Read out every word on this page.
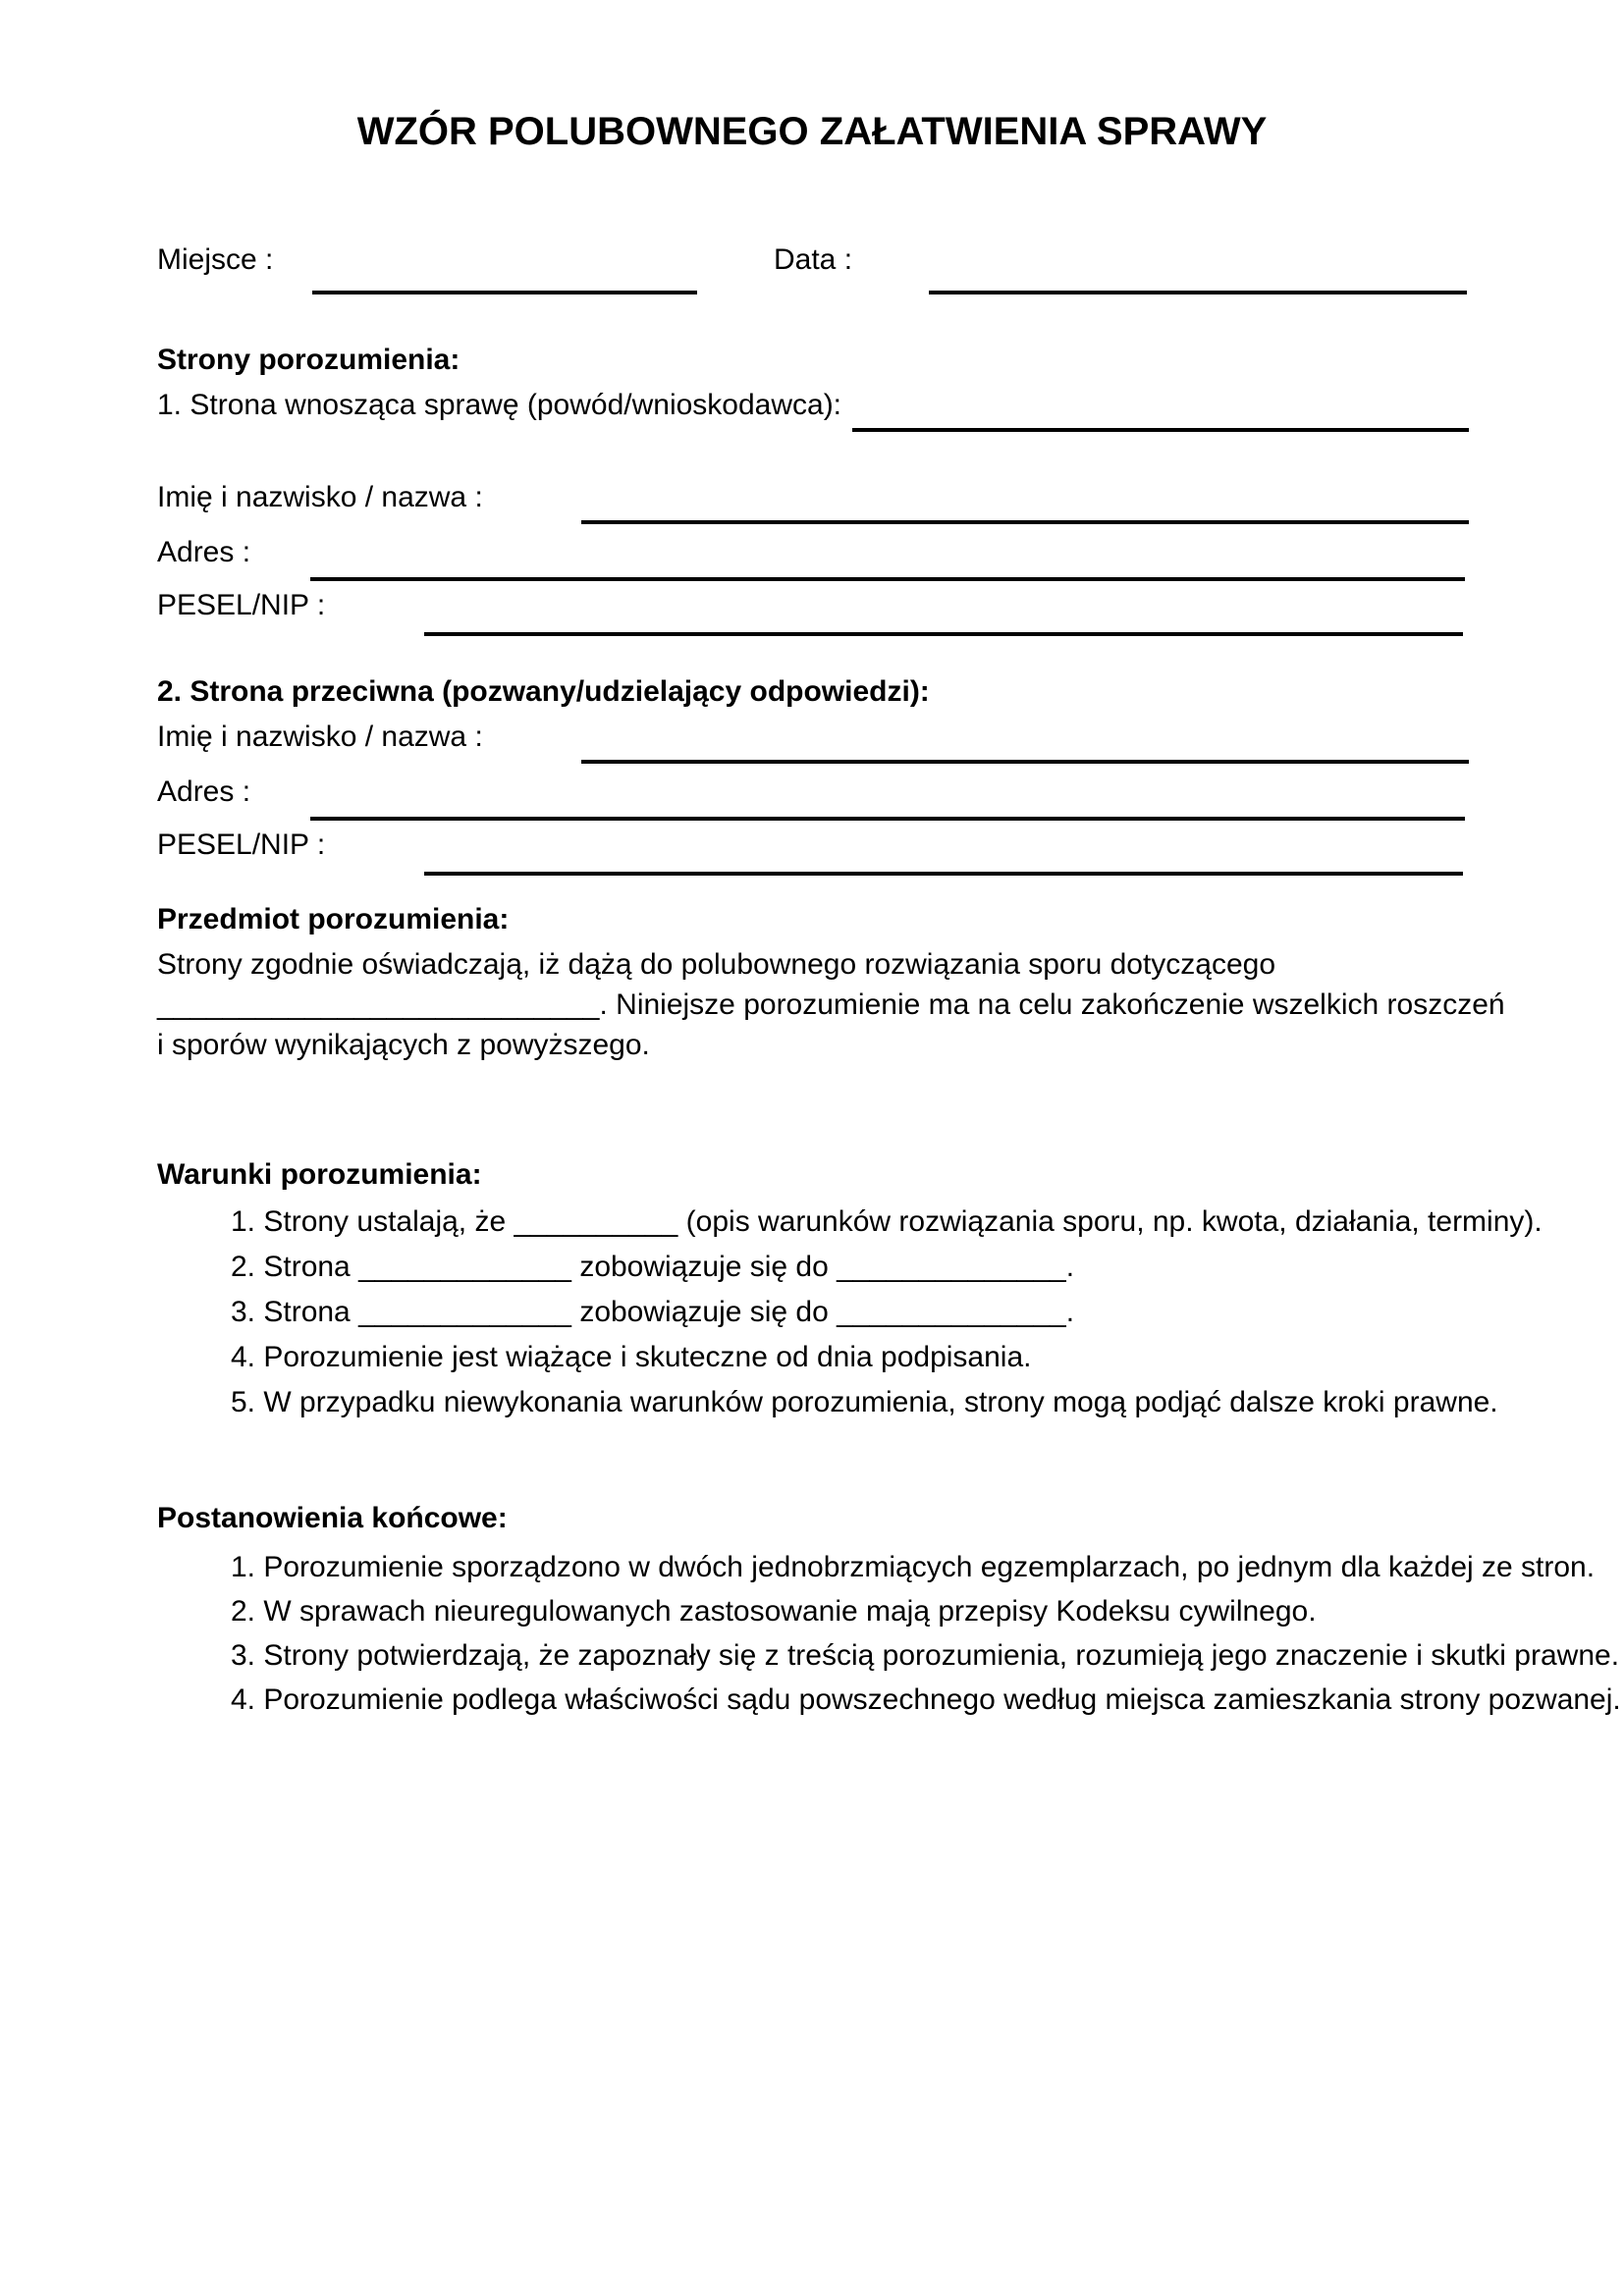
WZÓR POLUBOWNEGO ZAŁATWIENIA SPRAWY
Miejsce :	Data :
Strony porozumienia:
1. Strona wnosząca sprawę (powód/wnioskodawca):
Imię i nazwisko / nazwa :
Adres :
PESEL/NIP :
2. Strona przeciwna (pozwany/udzielający odpowiedzi):
Imię i nazwisko / nazwa :
Adres :
PESEL/NIP :
Przedmiot porozumienia:
Strony zgodnie oświadczają, iż dążą do polubownego rozwiązania sporu dotyczącego
___________________________. Niniejsze porozumienie ma na celu zakończenie wszelkich roszczeń
i sporów wynikających z powyższego.
Warunki porozumienia:
1. Strony ustalają, że __________ (opis warunków rozwiązania sporu, np. kwota, działania, terminy).
2. Strona _____________ zobowiązuje się do ______________.
3. Strona _____________ zobowiązuje się do ______________.
4. Porozumienie jest wiążące i skuteczne od dnia podpisania.
5. W przypadku niewykonania warunków porozumienia, strony mogą podjąć dalsze kroki prawne.
Postanowienia końcowe:
1. Porozumienie sporządzono w dwóch jednobrzmiących egzemplarzach, po jednym dla każdej ze stron.
2. W sprawach nieuregulowanych zastosowanie mają przepisy Kodeksu cywilnego.
3. Strony potwierdzają, że zapoznały się z treścią porozumienia, rozumieją jego znaczenie i skutki prawne.
4. Porozumienie podlega właściwości sądu powszechnego według miejsca zamieszkania strony pozwanej.
